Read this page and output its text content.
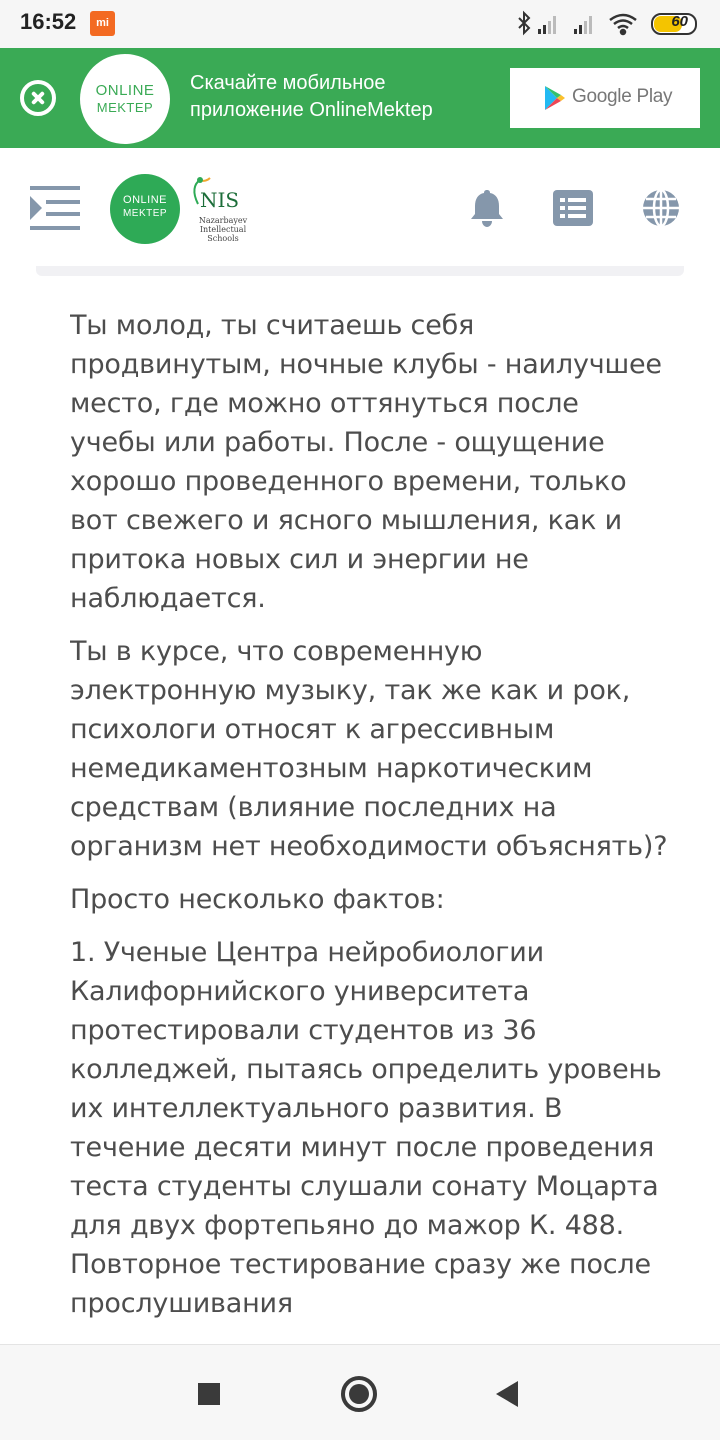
16:52	mi	60
ONLINE
MEKTEP
Скачайте мобильное приложение OnlineMektep
Google Play
ONLINE
MEKTEP
NIS
Nazarbayev Intellectual Schools

Ты молод, ты считаешь себя продвинутым, ночные клубы - наилучшее место, где можно оттянуться после учебы или работы. После - ощущение хорошо проведенного времени, только вот свежего и ясного мышления, как и притока новых сил и энергии не наблюдается.

Ты в курсе, что современную электронную музыку, так же как и рок, психологи относят к агрессивным немедикаментозным наркотическим средствам (влияние последних на организм нет необходимости объяснять)?

Просто несколько фактов:

1. Ученые Центра нейробиологии Калифорнийского университета протестировали студентов из 36 колледжей, пытаясь определить уровень их интеллектуального развития. В течение десяти минут после проведения теста студенты слушали сонату Моцарта для двух фортепьяно до мажор К. 488. Повторное тестирование сразу же после прослушивания
